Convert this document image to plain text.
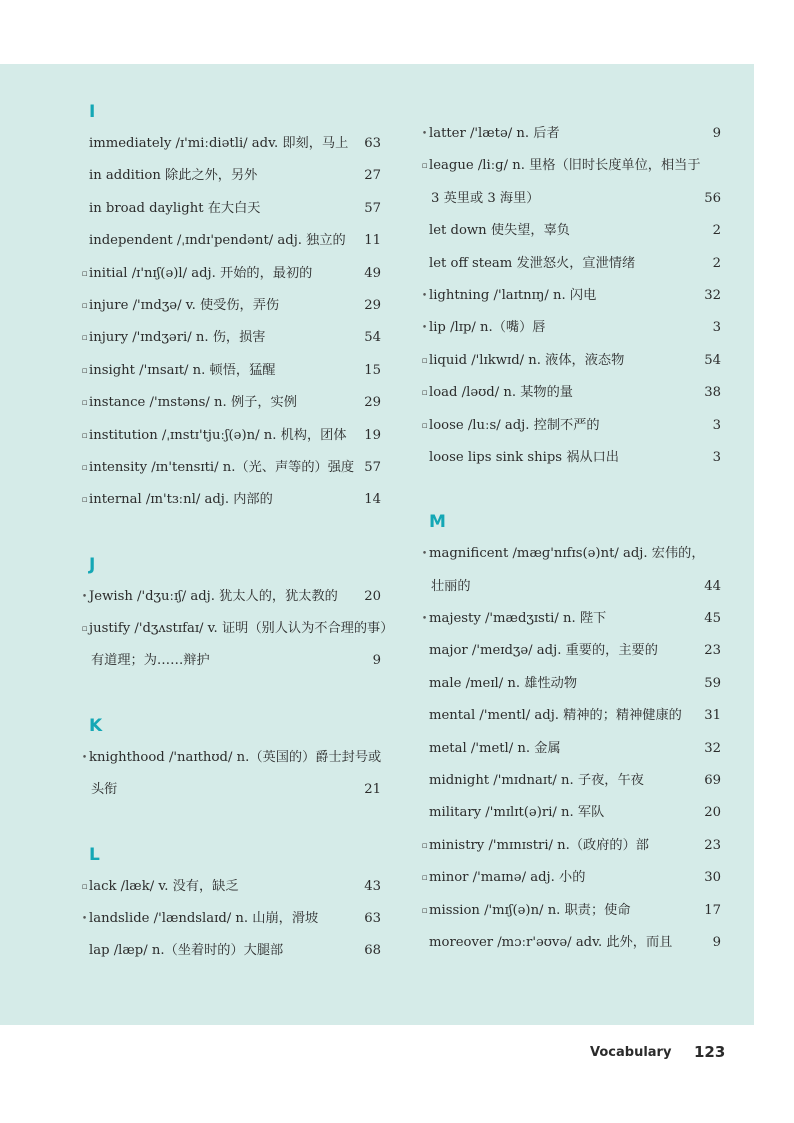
I
immediately /ɪ'miːdiətli/ adv. 即刻，马上	63
in addition 除此之外，另外	27
in broad daylight 在大白天	57
independent /ˌɪndɪ'pendənt/ adj. 独立的	11
▫ initial /ɪ'nɪʃ(ə)l/ adj. 开始的，最初的	49
▫ injure /'ɪndʒə/ v. 使受伤，弄伤	29
▫ injury /'ɪndʒəri/ n. 伤，损害	54
▫ insight /'ɪnsaɪt/ n. 顿悟，猛醒	15
▫ instance /'ɪnstəns/ n. 例子，实例	29
▫ institution /ˌɪnstɪ'tjuːʃ(ə)n/ n. 机构，团体	19
▫ intensity /ɪn'tensɪti/ n.（光、声等的）强度 57
▫ internal /ɪn'tɜːnl/ adj. 内部的	14
J
• Jewish /'dʒuːɪʃ/ adj. 犹太人的，犹太教的	20
▫ justify /'dʒʌstɪfaɪ/ v. 证明（别人认为不合理的事）
有道理；为……辩护	9
K
• knighthood /'naɪthʊd/ n.（英国的）爵士封号或
头衔	21
L
▫ lack /læk/ v. 没有，缺乏	43
• landslide /'lændslaɪd/ n. 山崩，滑坡	63
lap /læp/ n.（坐着时的）大腿部	68
• latter /'lætə/ n. 后者	9
▫ league /liːɡ/ n. 里格（旧时长度单位，相当于
3 英里或 3 海里）	56
let down 使失望，辜负	2
let off steam 发泄怒火，宣泄情绪	2
• lightning /'laɪtnɪŋ/ n. 闪电	32
• lip /lɪp/ n.（嘴）唇	3
▫ liquid /'lɪkwɪd/ n. 液体，液态物	54
▫ load /ləʊd/ n. 某物的量	38
▫ loose /luːs/ adj. 控制不严的	3
loose lips sink ships 祸从口出	3
M
• magnificent /mæɡ'nɪfɪs(ə)nt/ adj. 宏伟的，
壮丽的	44
• majesty /'mædʒɪsti/ n. 陛下	45
major /'meɪdʒə/ adj. 重要的，主要的	23
male /meɪl/ n. 雄性动物	59
mental /'mentl/ adj. 精神的；精神健康的	31
metal /'metl/ n. 金属	32
midnight /'mɪdnaɪt/ n. 子夜，午夜	69
military /'mɪlɪt(ə)ri/ n. 军队	20
▫ ministry /'mɪnɪstri/ n.（政府的）部	23
▫ minor /'maɪnə/ adj. 小的	30
▫ mission /'mɪʃ(ə)n/ n. 职责；使命	17
moreover /mɔːr'əʊvə/ adv. 此外，而且	9
Vocabulary 123
